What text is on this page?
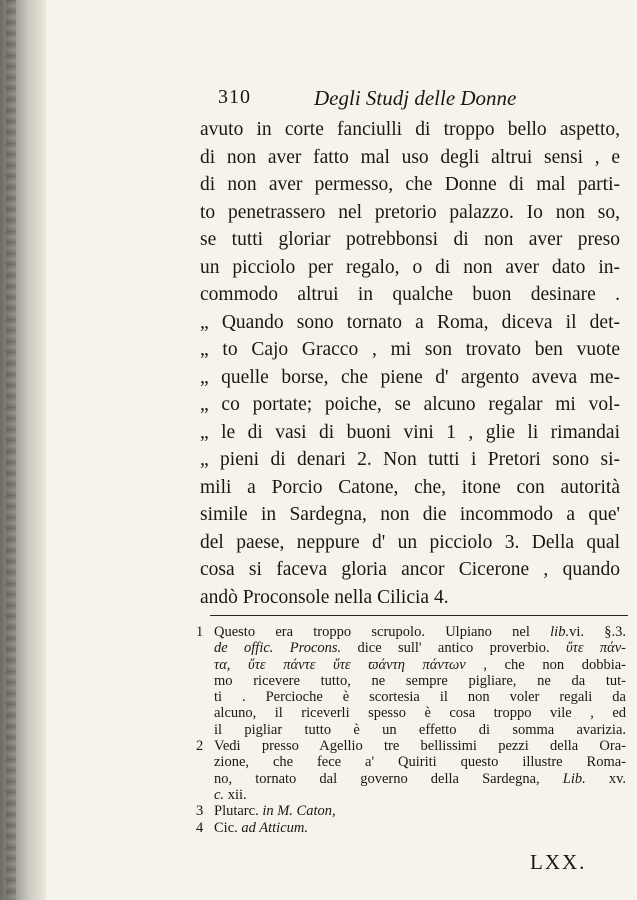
310	Degli Studj delle Donne
avuto in corte fanciulli di troppo bello aspetto,
di non aver fatto mal uso degli altrui sensi , e
di non aver permesso, che Donne di mal parti-
to penetrassero nel pretorio palazzo. Io non so,
se tutti gloriar potrebbonsi di non aver preso
un picciolo per regalo, o di non aver dato in-
commodo altrui in qualche buon desinare .
„ Quando sono tornato a Roma, diceva il det-
„ to Cajo Gracco , mi son trovato ben vuote
„ quelle borse, che piene d' argento aveva me-
„ co portate; poiche, se alcuno regalar mi vol-
„ le di vasi di buoni vini 1 , glie li rimandai
„ pieni di denari 2. Non tutti i Pretori sono si-
mili a Porcio Catone, che, itone con autorità
simile in Sardegna, non die incommodo a que'
del paese, neppure d' un picciolo 3. Della qual
cosa si faceva gloria ancor Cicerone , quando
andò Proconsole nella Cilicia 4.
1 Questo era troppo scrupolo. Ulpiano nel lib.vi. §.3.
de offic. Procons. dice sull' antico proverbio. ὔτε πάν-
τα, ὔτε πάντε ὔτε ϖάντη πάντων , che non dobbia-
mo ricevere tutto, ne sempre pigliare, ne da tut-
ti . Percioche è scortesia il non voler regali da
alcuno, il riceverli spesso è cosa troppo vile , ed
il pigliar tutto è un effetto di somma avarizia.
2 Vedi presso Agellio tre bellissimi pezzi della Ora-
zione, che fece a' Quiriti questo illustre Roma-
no, tornato dal governo della Sardegna, Lib. xv.
c. xii.
3 Plutarc. in M. Caton,
4 Cic. ad Atticum.
LXX.
